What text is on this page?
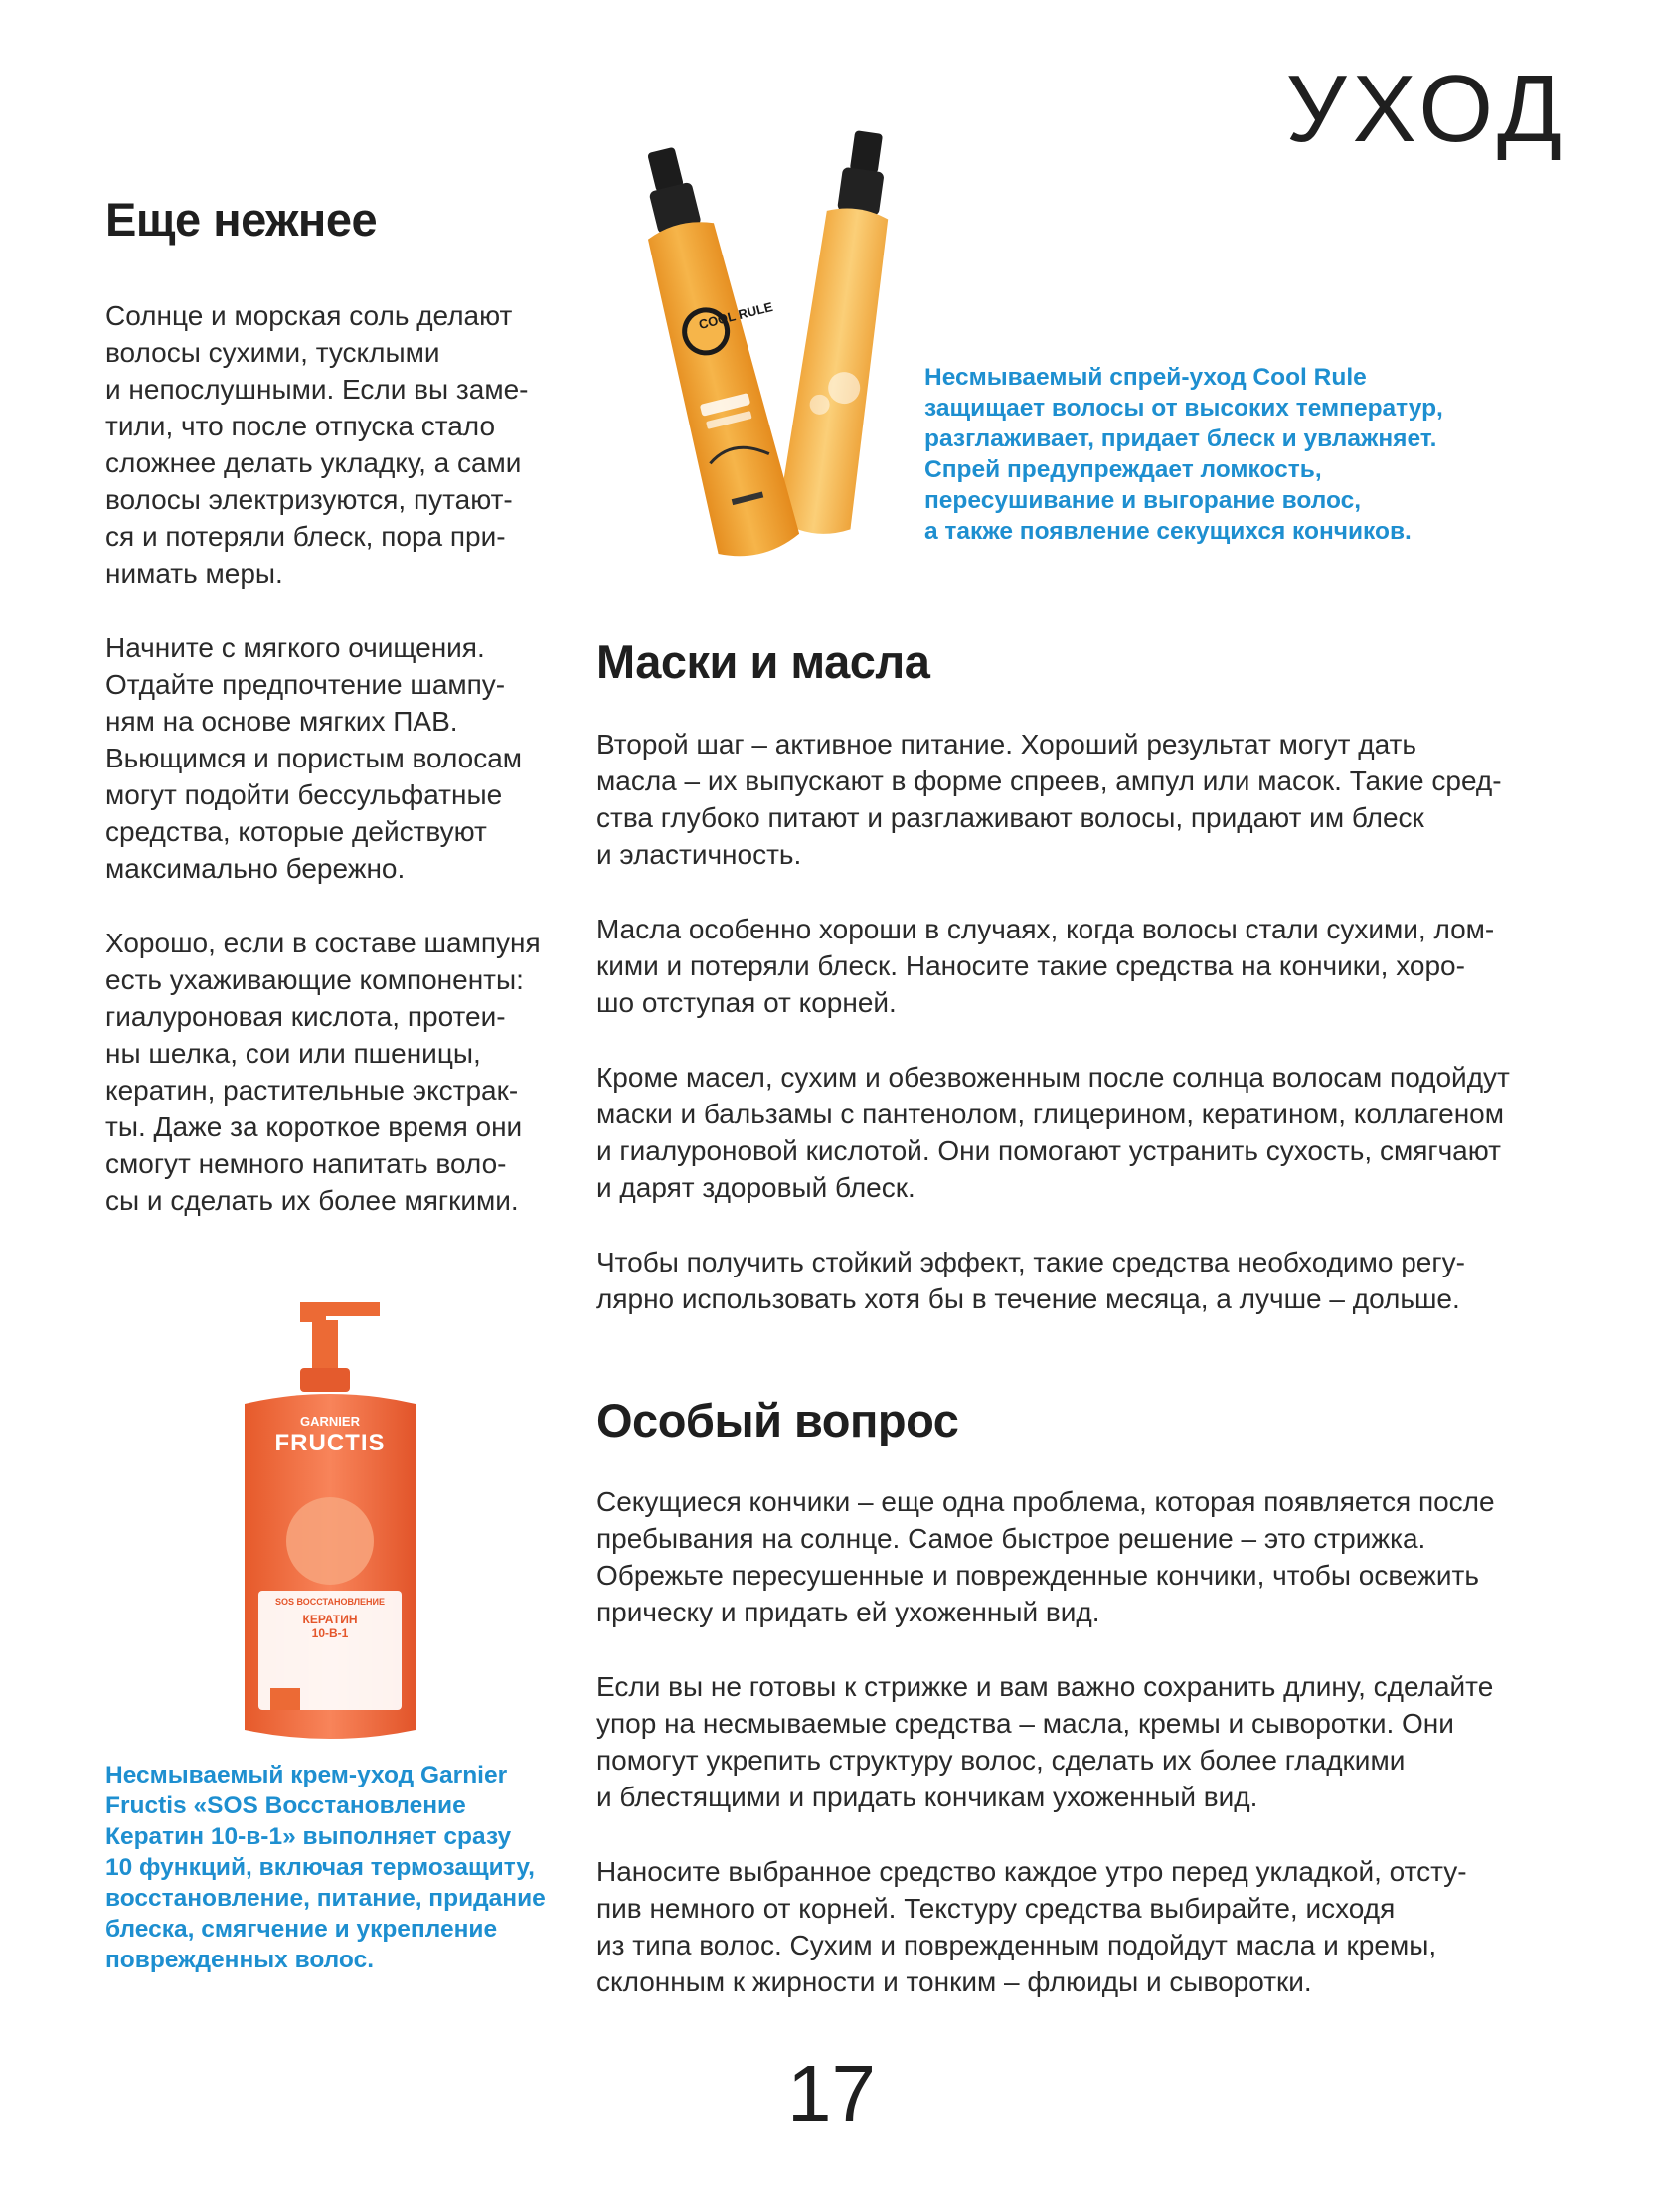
УХОД
Еще нежнее

Солнце и морская соль делают
волосы сухими, тусклыми
и непослушными. Если вы заме-
тили, что после отпуска стало
сложнее делать укладку, а сами
волосы электризуются, путают-
ся и потеряли блеск, пора при-
нимать меры.

Начните с мягкого очищения.
Отдайте предпочтение шампу-
ням на основе мягких ПАВ.
Вьющимся и пористым волосам
могут подойти бессульфатные
средства, которые действуют
максимально бережно.

Хорошо, если в составе шампуня
есть ухаживающие компоненты:
гиалуроновая кислота, протеи-
ны шелка, сои или пшеницы,
кератин, растительные экстрак-
ты. Даже за короткое время они
смогут немного напитать воло-
сы и сделать их более мягкими.

COOL RULE
Несмываемый спрей-уход Cool Rule
защищает волосы от высоких температур,
разглаживает, придает блеск и увлажняет.
Спрей предупреждает ломкость,
пересушивание и выгорание волос,
а также появление секущихся кончиков.
Маски и масла

Второй шаг – активное питание. Хороший результат могут дать
масла – их выпускают в форме спреев, ампул или масок. Такие сред-
ства глубоко питают и разглаживают волосы, придают им блеск
и эластичность.

Масла особенно хороши в случаях, когда волосы стали сухими, лом-
кими и потеряли блеск. Наносите такие средства на кончики, хоро-
шо отступая от корней.

Кроме масел, сухим и обезвоженным после солнца волосам подойдут
маски и бальзамы с пантенолом, глицерином, кератином, коллагеном
и гиалуроновой кислотой. Они помогают устранить сухость, смягчают
и дарят здоровый блеск.

Чтобы получить стойкий эффект, такие средства необходимо регу-
лярно использовать хотя бы в течение месяца, а лучше – дольше.

Особый вопрос

Секущиеся кончики – еще одна проблема, которая появляется после
пребывания на солнце. Самое быстрое решение – это стрижка.
Обрежьте пересушенные и поврежденные кончики, чтобы освежить
прическу и придать ей ухоженный вид.

Если вы не готовы к стрижке и вам важно сохранить длину, сделайте
упор на несмываемые средства – масла, кремы и сыворотки. Они
помогут укрепить структуру волос, сделать их более гладкими
и блестящими и придать кончикам ухоженный вид.

Наносите выбранное средство каждое утро перед укладкой, отсту-
пив немного от корней. Текстуру средства выбирайте, исходя
из типа волос. Сухим и поврежденным подойдут масла и кремы,
склонным к жирности и тонким – флюиды и сыворотки.

GARNIER
FRUCTIS
SOS ВОССТАНОВЛЕНИЕ
КЕРАТИН
10-В-1
Несмываемый крем-уход Garnier
Fructis «SOS Восстановление
Кератин 10-в-1» выполняет сразу
10 функций, включая термозащиту,
восстановление, питание, придание
блеска, смягчение и укрепление
поврежденных волос.
17
